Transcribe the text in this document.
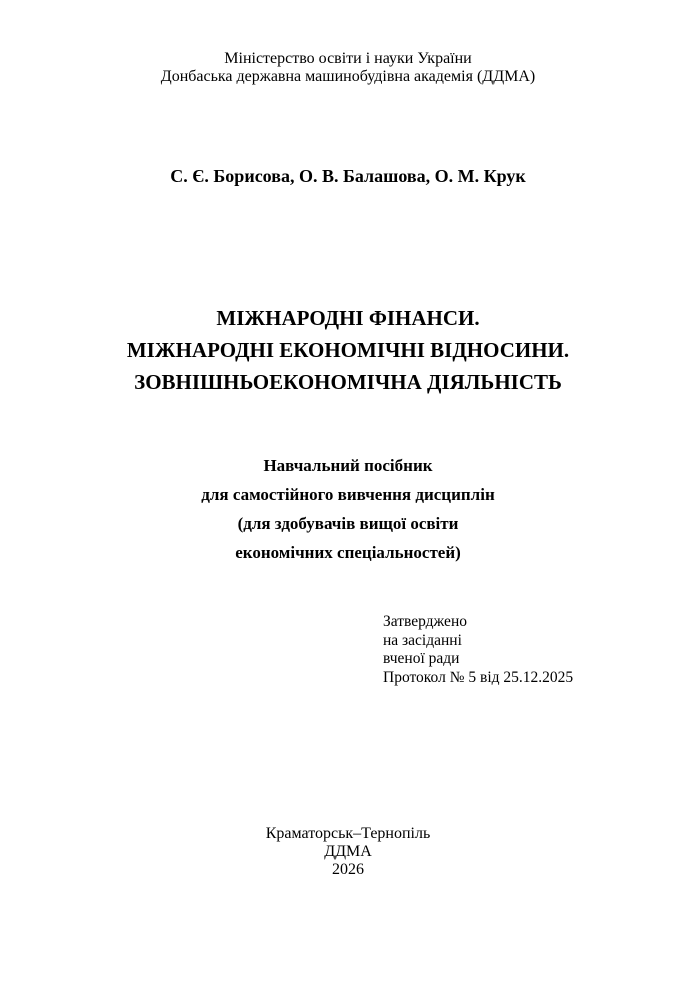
Міністерство освіти і науки України
Донбаська державна машинобудівна академія (ДДМА)
С. Є. Борисова, О. В. Балашова, О. М. Крук
МІЖНАРОДНІ ФІНАНСИ.
МІЖНАРОДНІ ЕКОНОМІЧНІ ВІДНОСИНИ.
ЗОВНІШНЬОЕКОНОМІЧНА ДІЯЛЬНІСТЬ
Навчальний посібник
для самостійного вивчення дисциплін
(для здобувачів вищої освіти
економічних спеціальностей)
Затверджено
на засіданні
вченої ради
Протокол № 5 від 25.12.2025
Краматорськ–Тернопіль
ДДМА
2026
